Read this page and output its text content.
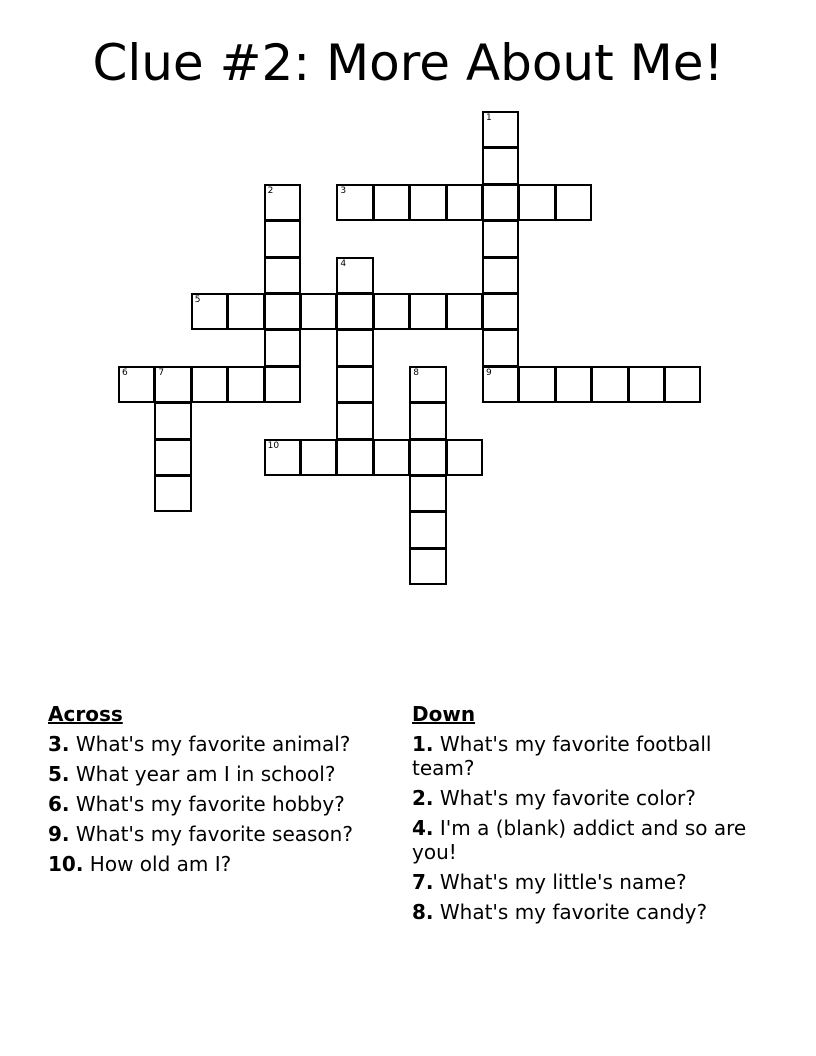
Clue #2: More About Me!
1
9
2	3
4
5
6	7	8
10
Across
3. What's my favorite animal?
5. What year am I in school?
6. What's my favorite hobby?
9. What's my favorite season?
10. How old am I?
Down
1. What's my favorite football team?
2. What's my favorite color?
4. I'm a (blank) addict and so are you!
7. What's my little's name?
8. What's my favorite candy?
